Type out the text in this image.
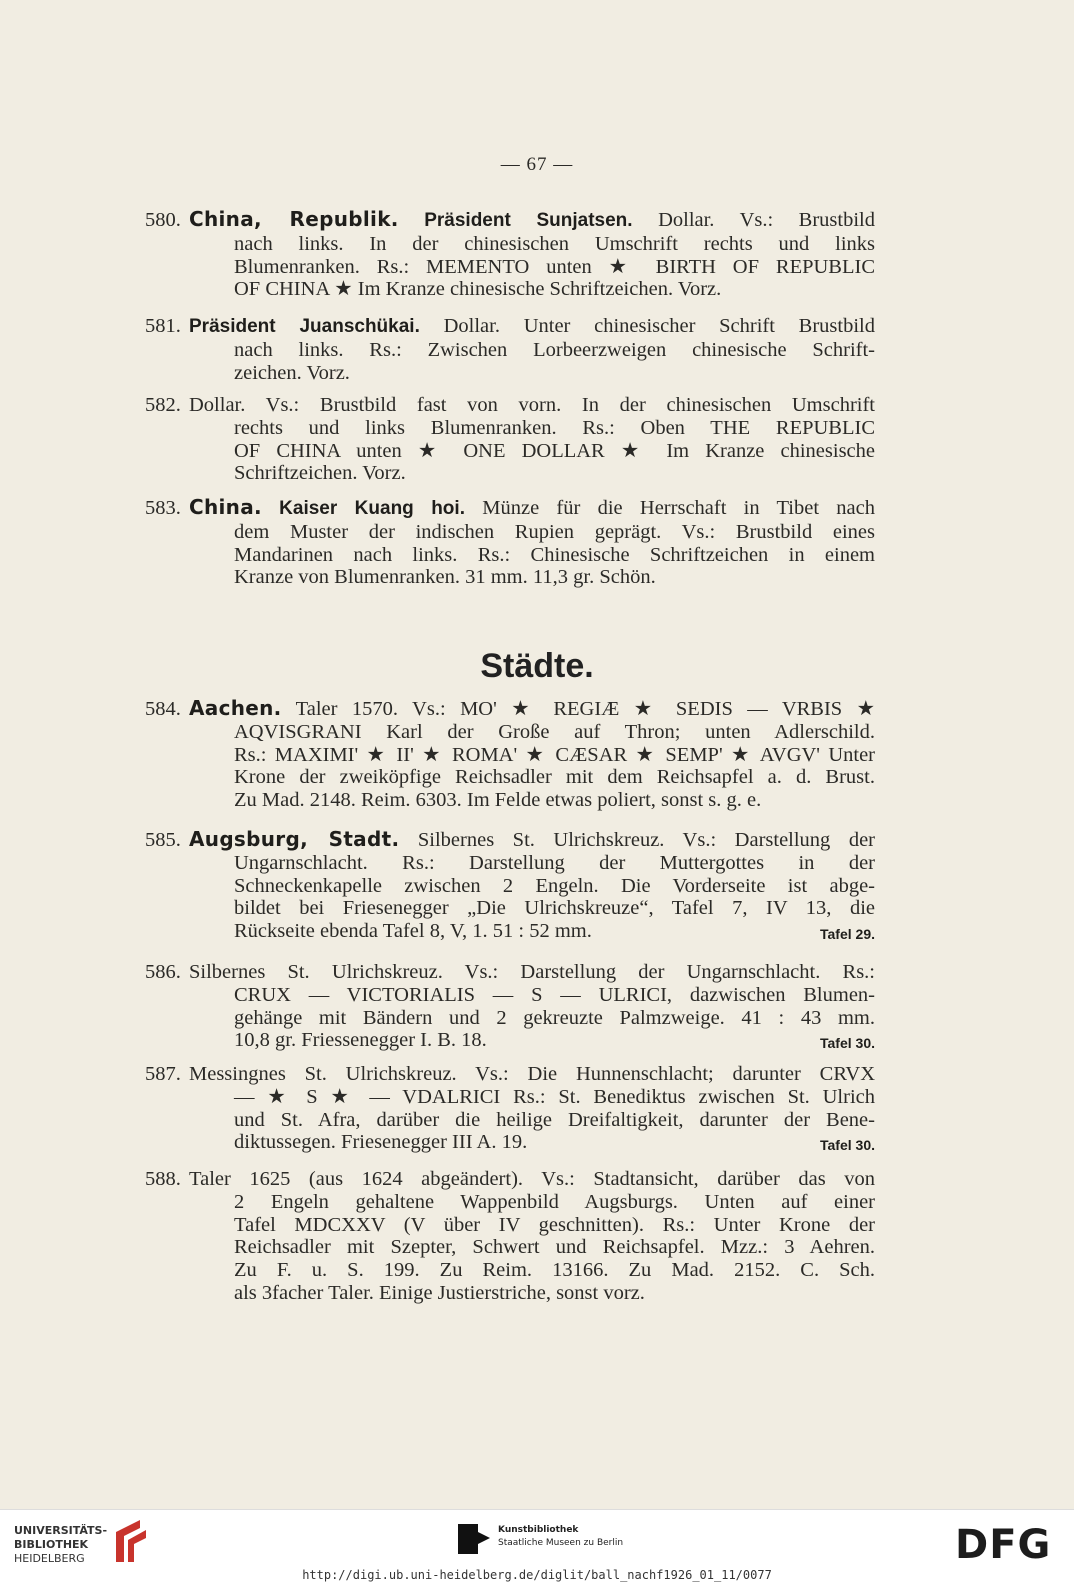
— 67 —
580. China, Republik. Präsident Sunjatsen. Dollar. Vs.: Brustbild
nach links. In der chinesischen Umschrift rechts und links
Blumenranken. Rs.: MEMENTO unten ★ BIRTH OF REPUBLIC
OF CHINA ★ Im Kranze chinesische Schriftzeichen. Vorz.
581. Präsident Juanschükai. Dollar. Unter chinesischer Schrift Brustbild
nach links. Rs.: Zwischen Lorbeerzweigen chinesische Schrift-
zeichen. Vorz.
582. Dollar. Vs.: Brustbild fast von vorn. In der chinesischen Umschrift
rechts und links Blumenranken. Rs.: Oben THE REPUBLIC
OF CHINA unten ★ ONE DOLLAR ★ Im Kranze chinesische
Schriftzeichen. Vorz.
583. China. Kaiser Kuang hoi. Münze für die Herrschaft in Tibet nach
dem Muster der indischen Rupien geprägt. Vs.: Brustbild eines
Mandarinen nach links. Rs.: Chinesische Schriftzeichen in einem
Kranze von Blumenranken. 31 mm. 11,3 gr. Schön.
584. Aachen. Taler 1570. Vs.: MO' ★ REGIÆ ★ SEDIS — VRBIS ★
AQVISGRANI Karl der Große auf Thron; unten Adlerschild.
Rs.: MAXIMI' ★ II' ★ ROMA' ★ CÆSAR ★ SEMP' ★ AVGV' Unter
Krone der zweiköpfige Reichsadler mit dem Reichsapfel a. d. Brust.
Zu Mad. 2148. Reim. 6303. Im Felde etwas poliert, sonst s. g. e.
585. Augsburg, Stadt. Silbernes St. Ulrichskreuz. Vs.: Darstellung der
Ungarnschlacht. Rs.: Darstellung der Muttergottes in der
Schneckenkapelle zwischen 2 Engeln. Die Vorderseite ist abge-
bildet bei Friesenegger „Die Ulrichskreuze“, Tafel 7, IV 13, die
Rückseite ebenda Tafel 8, V, 1. 51 : 52 mm.	Tafel 29.
586. Silbernes St. Ulrichskreuz. Vs.: Darstellung der Ungarnschlacht. Rs.:
CRUX — VICTORIALIS — S — ULRICI, dazwischen Blumen-
gehänge mit Bändern und 2 gekreuzte Palmzweige. 41 : 43 mm.
10,8 gr. Friessenegger I. B. 18.	Tafel 30.
587. Messingnes St. Ulrichskreuz. Vs.: Die Hunnenschlacht; darunter CRVX
— ★ S ★ — VDALRICI Rs.: St. Benediktus zwischen St. Ulrich
und St. Afra, darüber die heilige Dreifaltigkeit, darunter der Bene-
diktussegen. Friesenegger III A. 19.	Tafel 30.
588. Taler 1625 (aus 1624 abgeändert). Vs.: Stadtansicht, darüber das von
2 Engeln gehaltene Wappenbild Augsburgs. Unten auf einer
Tafel MDCXXV (V über IV geschnitten). Rs.: Unter Krone der
Reichsadler mit Szepter, Schwert und Reichsapfel. Mzz.: 3 Aehren.
Zu F. u. S. 199. Zu Reim. 13166. Zu Mad. 2152. C. Sch.
als 3facher Taler. Einige Justierstriche, sonst vorz.
Städte.
UNIVERSITÄTS-
BIBLIOTHEK
HEIDELBERG
Kunstbibliothek
Staatliche Museen zu Berlin	DFG
http://digi.ub.uni-heidelberg.de/diglit/ball_nachf1926_01_11/0077
